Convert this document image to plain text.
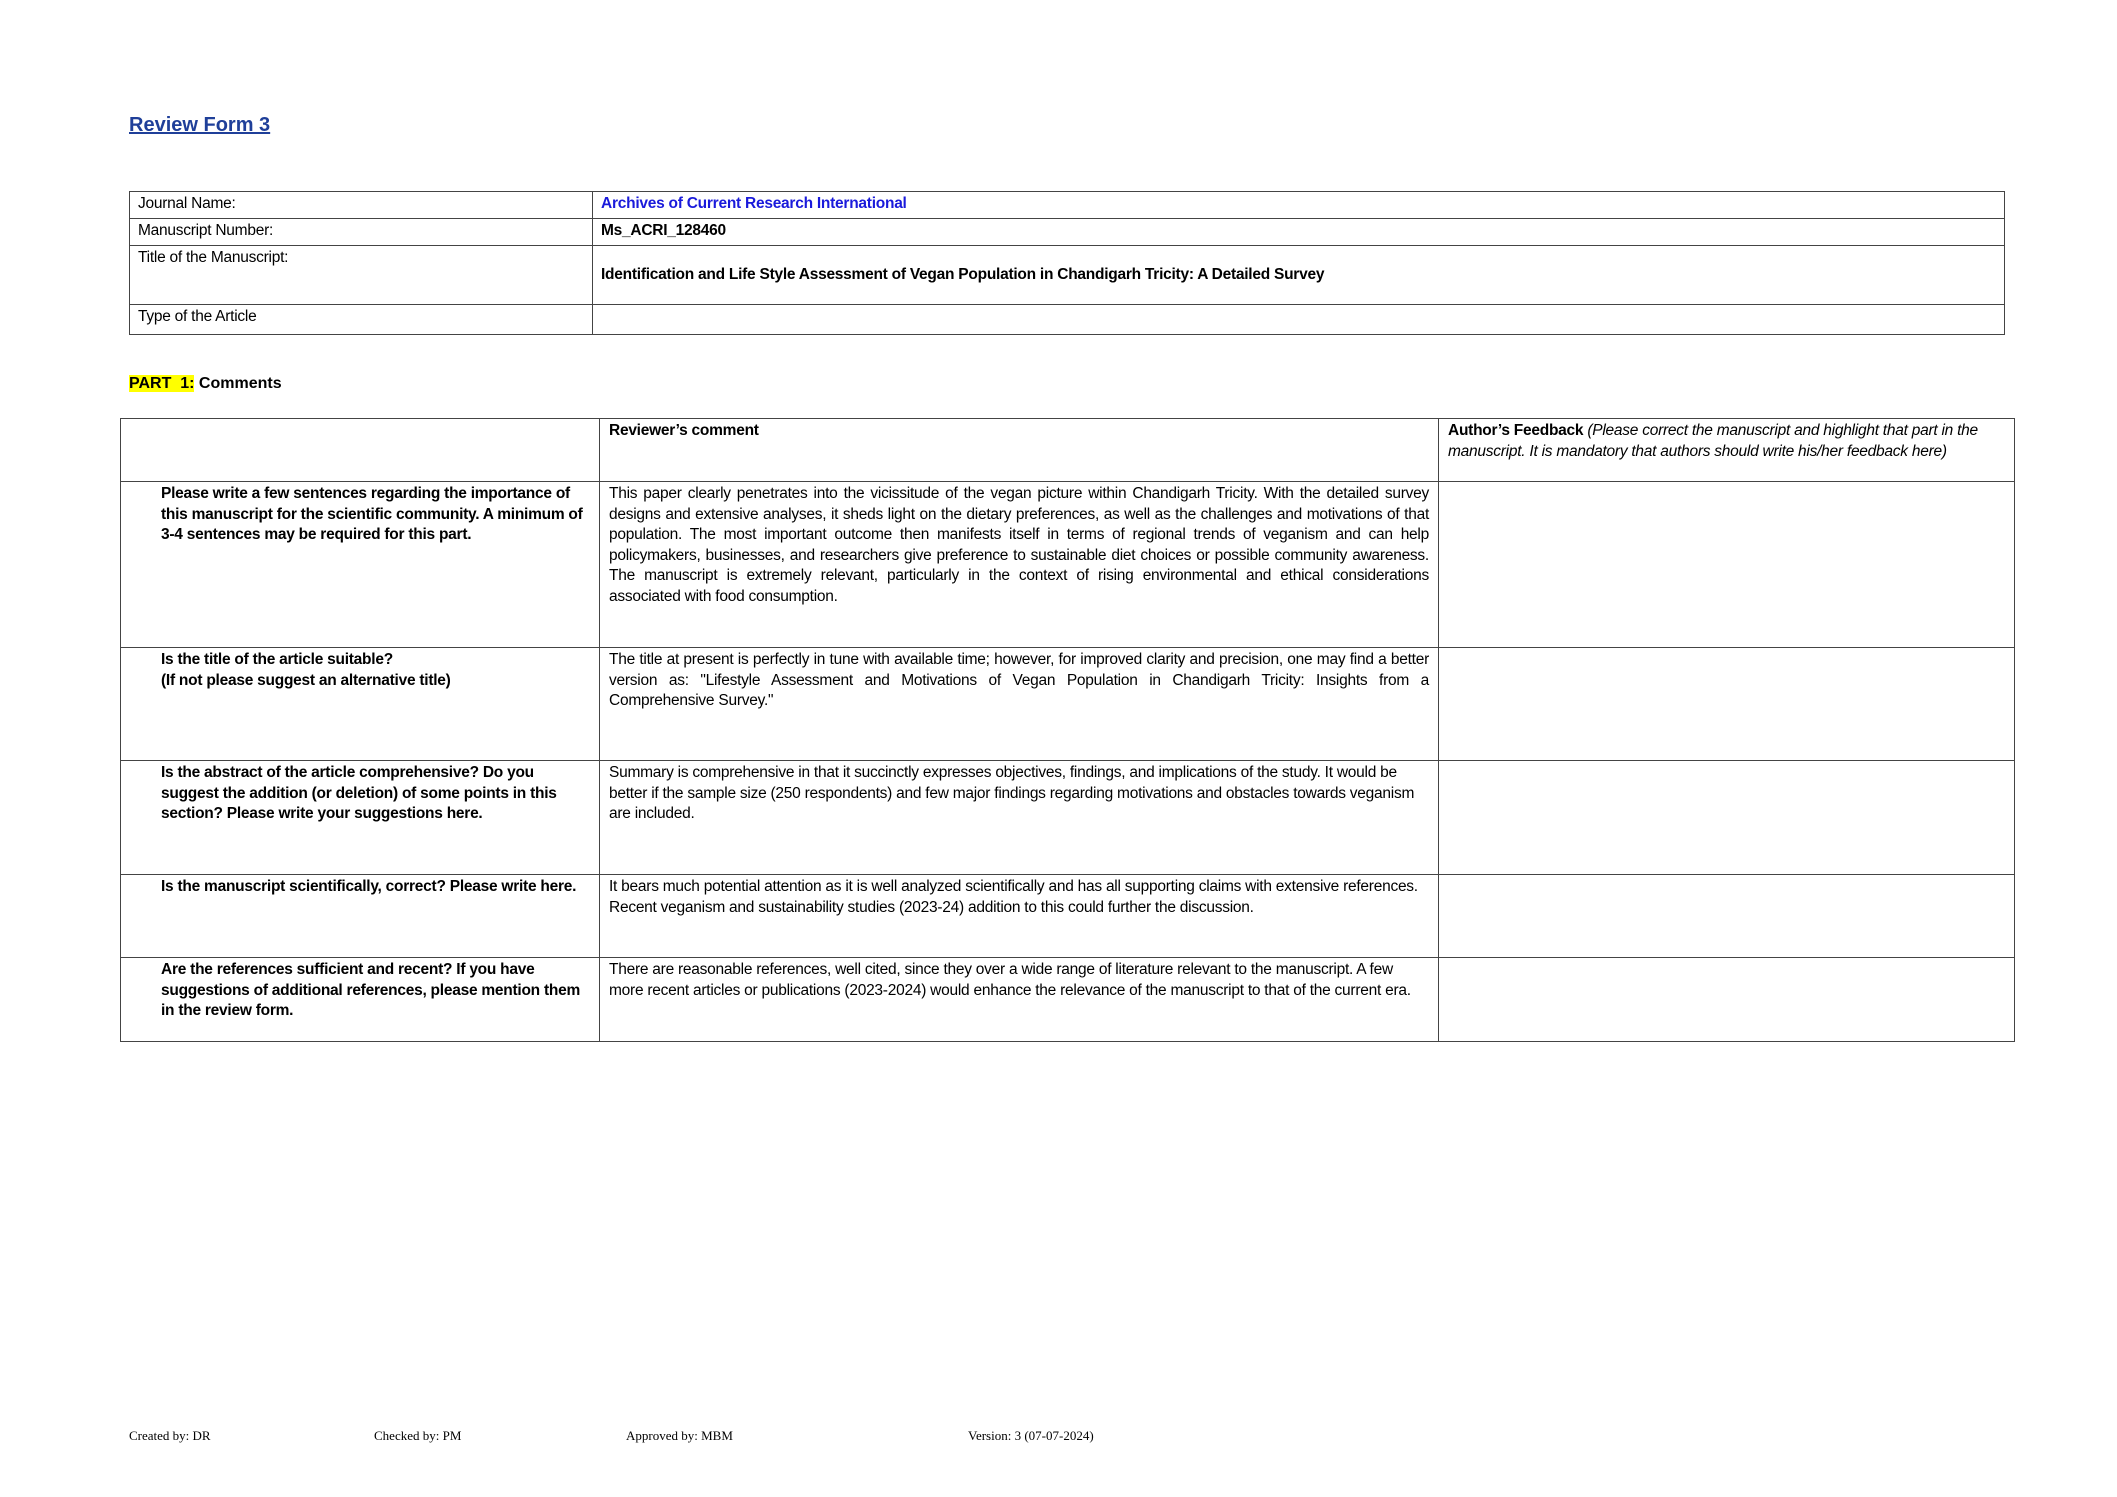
Review Form 3
Journal Name:	Archives of Current Research International
Manuscript Number:	Ms_ACRI_128460
Title of the Manuscript:	Identification and Life Style Assessment of Vegan Population in Chandigarh Tricity: A Detailed Survey
Type of the Article	
PART  1: Comments
	Reviewer’s comment	Author’s Feedback (Please correct the manuscript and highlight that part in the manuscript. It is mandatory that authors should write his/her feedback here)
Please write a few sentences regarding the importance of this manuscript for the scientific community. A minimum of 3-4 sentences may be required for this part.	This paper clearly penetrates into the vicissitude of the vegan picture within Chandigarh Tricity. With the detailed survey designs and extensive analyses, it sheds light on the dietary preferences, as well as the challenges and motivations of that population. The most important outcome then manifests itself in terms of regional trends of veganism and can help policymakers, businesses, and researchers give preference to sustainable diet choices or possible community awareness. The manuscript is extremely relevant, particularly in the context of rising environmental and ethical considerations associated with food consumption.	
Is the title of the article suitable?
(If not please suggest an alternative title)	The title at present is perfectly in tune with available time; however, for improved clarity and precision, one may find a better version as: "Lifestyle Assessment and Motivations of Vegan Population in Chandigarh Tricity: Insights from a Comprehensive Survey."	
Is the abstract of the article comprehensive? Do you suggest the addition (or deletion) of some points in this section? Please write your suggestions here.	Summary is comprehensive in that it succinctly expresses objectives, findings, and implications of the study. It would be better if the sample size (250 respondents) and few major findings regarding motivations and obstacles towards veganism are included.	
Is the manuscript scientifically, correct? Please write here.	It bears much potential attention as it is well analyzed scientifically and has all supporting claims with extensive references. Recent veganism and sustainability studies (2023-24) addition to this could further the discussion.	
Are the references sufficient and recent? If you have suggestions of additional references, please mention them in the review form.	There are reasonable references, well cited, since they over a wide range of literature relevant to the manuscript. A few more recent articles or publications (2023-2024) would enhance the relevance of the manuscript to that of the current era.	
Created by: DR	Checked by: PM	Approved by: MBM	Version: 3 (07-07-2024)
